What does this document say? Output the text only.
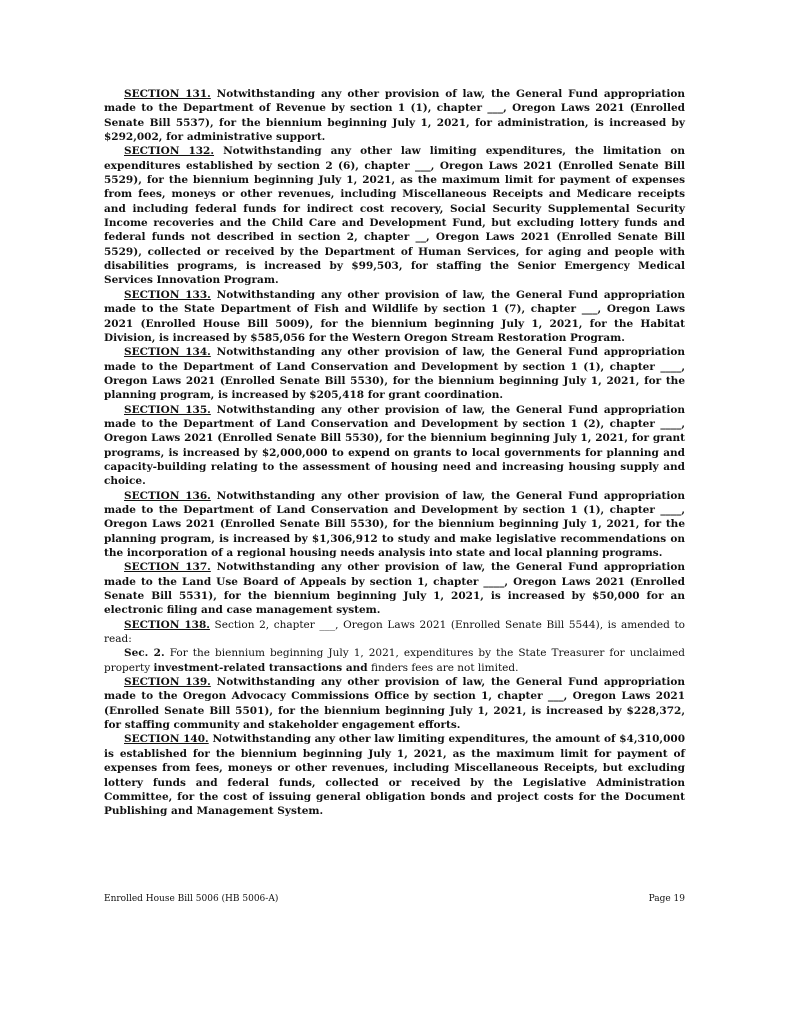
SECTION 131. Notwithstanding any other provision of law, the General Fund appropriation made to the Department of Revenue by section 1 (1), chapter ___, Oregon Laws 2021 (Enrolled Senate Bill 5537), for the biennium beginning July 1, 2021, for administration, is increased by $292,002, for administrative support.

SECTION 132. Notwithstanding any other law limiting expenditures, the limitation on expenditures established by section 2 (6), chapter ___, Oregon Laws 2021 (Enrolled Senate Bill 5529), for the biennium beginning July 1, 2021, as the maximum limit for payment of expenses from fees, moneys or other revenues, including Miscellaneous Receipts and Medicare receipts and including federal funds for indirect cost recovery, Social Security Supplemental Security Income recoveries and the Child Care and Development Fund, but excluding lottery funds and federal funds not described in section 2, chapter __, Oregon Laws 2021 (Enrolled Senate Bill 5529), collected or received by the Department of Human Services, for aging and people with disabilities programs, is increased by $99,503, for staffing the Senior Emergency Medical Services Innovation Program.

SECTION 133. Notwithstanding any other provision of law, the General Fund appropriation made to the State Department of Fish and Wildlife by section 1 (7), chapter ___, Oregon Laws 2021 (Enrolled House Bill 5009), for the biennium beginning July 1, 2021, for the Habitat Division, is increased by $585,056 for the Western Oregon Stream Restoration Program.

SECTION 134. Notwithstanding any other provision of law, the General Fund appropriation made to the Department of Land Conservation and Development by section 1 (1), chapter ____, Oregon Laws 2021 (Enrolled Senate Bill 5530), for the biennium beginning July 1, 2021, for the planning program, is increased by $205,418 for grant coordination.

SECTION 135. Notwithstanding any other provision of law, the General Fund appropriation made to the Department of Land Conservation and Development by section 1 (2), chapter ____, Oregon Laws 2021 (Enrolled Senate Bill 5530), for the biennium beginning July 1, 2021, for grant programs, is increased by $2,000,000 to expend on grants to local governments for planning and capacity-building relating to the assessment of housing need and increasing housing supply and choice.

SECTION 136. Notwithstanding any other provision of law, the General Fund appropriation made to the Department of Land Conservation and Development by section 1 (1), chapter ____, Oregon Laws 2021 (Enrolled Senate Bill 5530), for the biennium beginning July 1, 2021, for the planning program, is increased by $1,306,912 to study and make legislative recommendations on the incorporation of a regional housing needs analysis into state and local planning programs.

SECTION 137. Notwithstanding any other provision of law, the General Fund appropriation made to the Land Use Board of Appeals by section 1, chapter ____, Oregon Laws 2021 (Enrolled Senate Bill 5531), for the biennium beginning July 1, 2021, is increased by $50,000 for an electronic filing and case management system.

SECTION 138. Section 2, chapter ___, Oregon Laws 2021 (Enrolled Senate Bill 5544), is amended to read:

Sec. 2. For the biennium beginning July 1, 2021, expenditures by the State Treasurer for unclaimed property investment-related transactions and finders fees are not limited.

SECTION 139. Notwithstanding any other provision of law, the General Fund appropriation made to the Oregon Advocacy Commissions Office by section 1, chapter ___, Oregon Laws 2021 (Enrolled Senate Bill 5501), for the biennium beginning July 1, 2021, is increased by $228,372, for staffing community and stakeholder engagement efforts.

SECTION 140. Notwithstanding any other law limiting expenditures, the amount of $4,310,000 is established for the biennium beginning July 1, 2021, as the maximum limit for payment of expenses from fees, moneys or other revenues, including Miscellaneous Receipts, but excluding lottery funds and federal funds, collected or received by the Legislative Administration Committee, for the cost of issuing general obligation bonds and project costs for the Document Publishing and Management System.

Enrolled House Bill 5006 (HB 5006-A)	Page 19
